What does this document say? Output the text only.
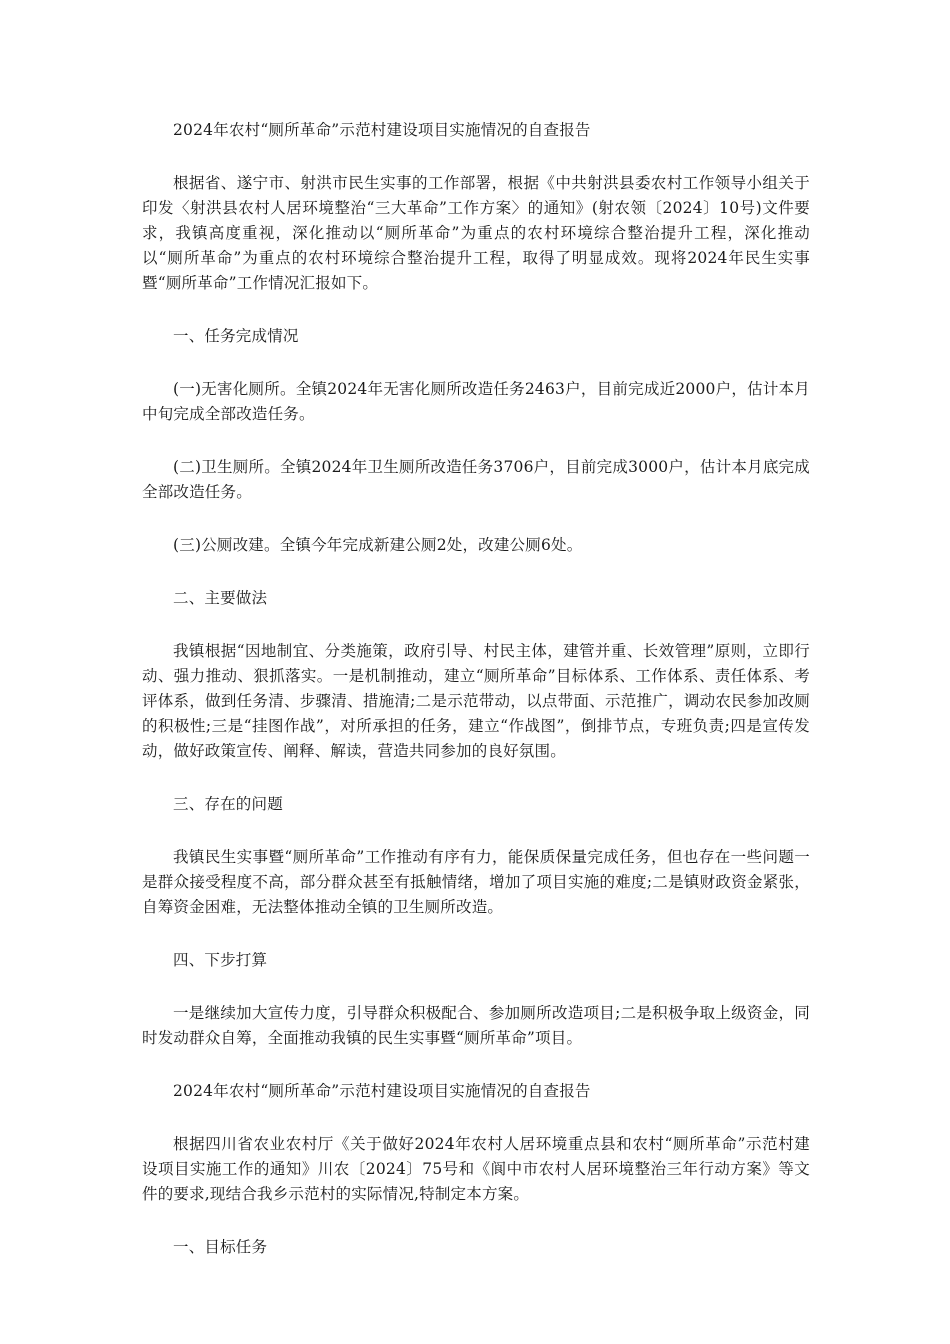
2024年农村“厕所革命”示范村建设项目实施情况的自查报告

根据省、遂宁市、射洪市民生实事的工作部署，根据《中共射洪县委农村工作领导小组关于印发〈射洪县农村人居环境整治“三大革命”工作方案〉的通知》(射农领〔2024〕10号)文件要求，我镇高度重视，深化推动以“厕所革命”为重点的农村环境综合整治提升工程，深化推动以“厕所革命”为重点的农村环境综合整治提升工程，取得了明显成效。现将2024年民生实事暨“厕所革命”工作情况汇报如下。

一、任务完成情况

(一)无害化厕所。全镇2024年无害化厕所改造任务2463户，目前完成近2000户，估计本月中旬完成全部改造任务。

(二)卫生厕所。全镇2024年卫生厕所改造任务3706户，目前完成3000户，估计本月底完成全部改造任务。

(三)公厕改建。全镇今年完成新建公厕2处，改建公厕6处。

二、主要做法

我镇根据“因地制宜、分类施策，政府引导、村民主体，建管并重、长效管理”原则，立即行动、强力推动、狠抓落实。一是机制推动，建立“厕所革命”目标体系、工作体系、责任体系、考评体系，做到任务清、步骤清、措施清;二是示范带动，以点带面、示范推广，调动农民参加改厕的积极性;三是“挂图作战”，对所承担的任务，建立“作战图”，倒排节点，专班负责;四是宣传发动，做好政策宣传、阐释、解读，营造共同参加的良好氛围。

三、存在的问题

我镇民生实事暨“厕所革命”工作推动有序有力，能保质保量完成任务，但也存在一些问题一是群众接受程度不高，部分群众甚至有抵触情绪，增加了项目实施的难度;二是镇财政资金紧张，自筹资金困难，无法整体推动全镇的卫生厕所改造。

四、下步打算

一是继续加大宣传力度，引导群众积极配合、参加厕所改造项目;二是积极争取上级资金，同时发动群众自筹，全面推动我镇的民生实事暨“厕所革命”项目。

2024年农村“厕所革命”示范村建设项目实施情况的自查报告

根据四川省农业农村厅《关于做好2024年农村人居环境重点县和农村“厕所革命”示范村建设项目实施工作的通知》川农〔2024〕75号和《阆中市农村人居环境整治三年行动方案》等文件的要求,现结合我乡示范村的实际情况,特制定本方案。

一、目标任务
